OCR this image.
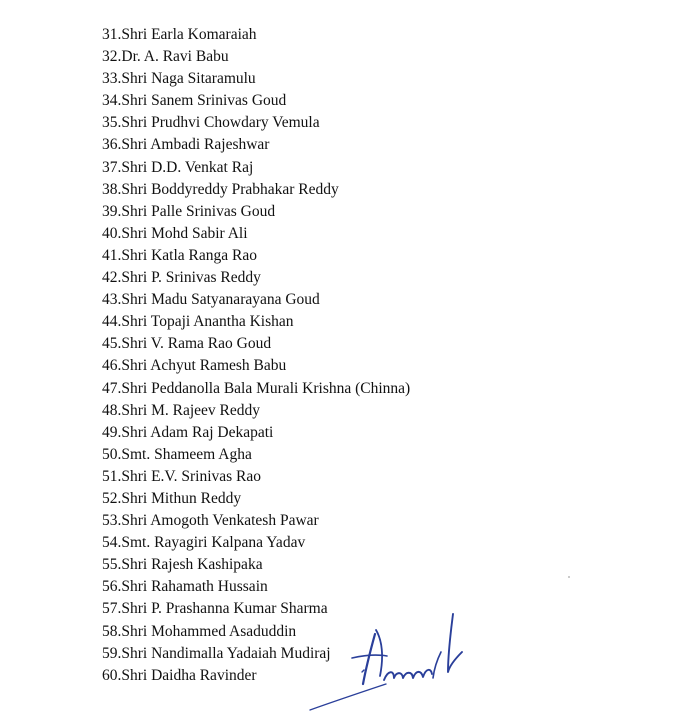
31.Shri Earla Komaraiah
32.Dr. A. Ravi Babu
33.Shri Naga Sitaramulu
34.Shri Sanem Srinivas Goud
35.Shri Prudhvi Chowdary Vemula
36.Shri Ambadi Rajeshwar
37.Shri D.D. Venkat Raj
38.Shri Boddyreddy Prabhakar Reddy
39.Shri Palle Srinivas Goud
40.Shri Mohd Sabir Ali
41.Shri Katla Ranga Rao
42.Shri P. Srinivas Reddy
43.Shri Madu Satyanarayana Goud
44.Shri Topaji Anantha Kishan
45.Shri V. Rama Rao Goud
46.Shri Achyut Ramesh Babu
47.Shri Peddanolla Bala Murali Krishna (Chinna)
48.Shri M. Rajeev Reddy
49.Shri Adam Raj Dekapati
50.Smt. Shameem Agha
51.Shri E.V. Srinivas Rao
52.Shri Mithun Reddy
53.Shri Amogoth Venkatesh Pawar
54.Smt. Rayagiri Kalpana Yadav
55.Shri Rajesh Kashipaka
56.Shri Rahamath Hussain
57.Shri P. Prashanna Kumar Sharma
58.Shri Mohammed Asaduddin
59.Shri Nandimalla Yadaiah Mudiraj
60.Shri Daidha Ravinder
